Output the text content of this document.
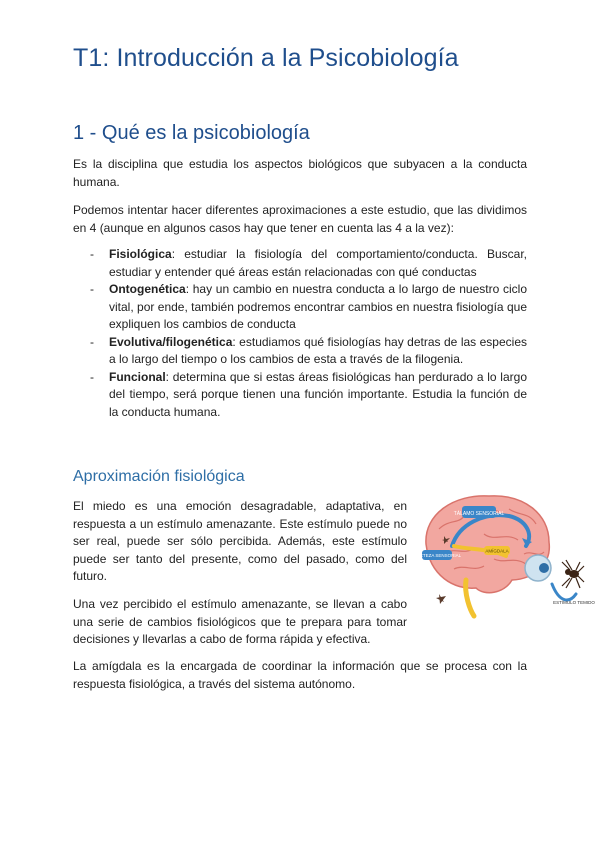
T1: Introducción a la Psicobiología
1 - Qué es la psicobiología

Es la disciplina que estudia los aspectos biológicos que subyacen a la conducta humana.

Podemos intentar hacer diferentes aproximaciones a este estudio, que las dividimos en 4 (aunque en algunos casos hay que tener en cuenta las 4 a la vez):

- Fisiológica: estudiar la fisiología del comportamiento/conducta. Buscar, estudiar y entender qué áreas están relacionadas con qué conductas
- Ontogenética: hay un cambio en nuestra conducta a lo largo de nuestro ciclo vital, por ende, también podremos encontrar cambios en nuestra fisiología que expliquen los cambios de conducta
- Evolutiva/filogenética: estudiamos qué fisiologías hay detras de las especies a lo largo del tiempo o los cambios de esta a través de la filogenia.
- Funcional: determina que si estas áreas fisiológicas han perdurado a lo largo del tiempo, será porque tienen una función importante. Estudia la función de la conducta humana.
Aproximación fisiológica

El miedo es una emoción desagradable, adaptativa, en respuesta a un estímulo amenazante. Este estímulo puede no ser real, puede ser sólo percibida. Además, este estímulo puede ser tanto del presente, como del pasado, como del futuro.

Una vez percibido el estímulo amenazante, se llevan a cabo una serie de cambios fisiológicos que te prepara para tomar decisiones y llevarlas a cabo de forma rápida y efectiva.

La amígdala es la encargada de coordinar la información que se procesa con la respuesta fisiológica, a través del sistema autónomo.

TÁLAMO SENSORIAL
CORTEZA SENSORIAL
AMÍGDALA
ESTÍMULO TEMIDO
